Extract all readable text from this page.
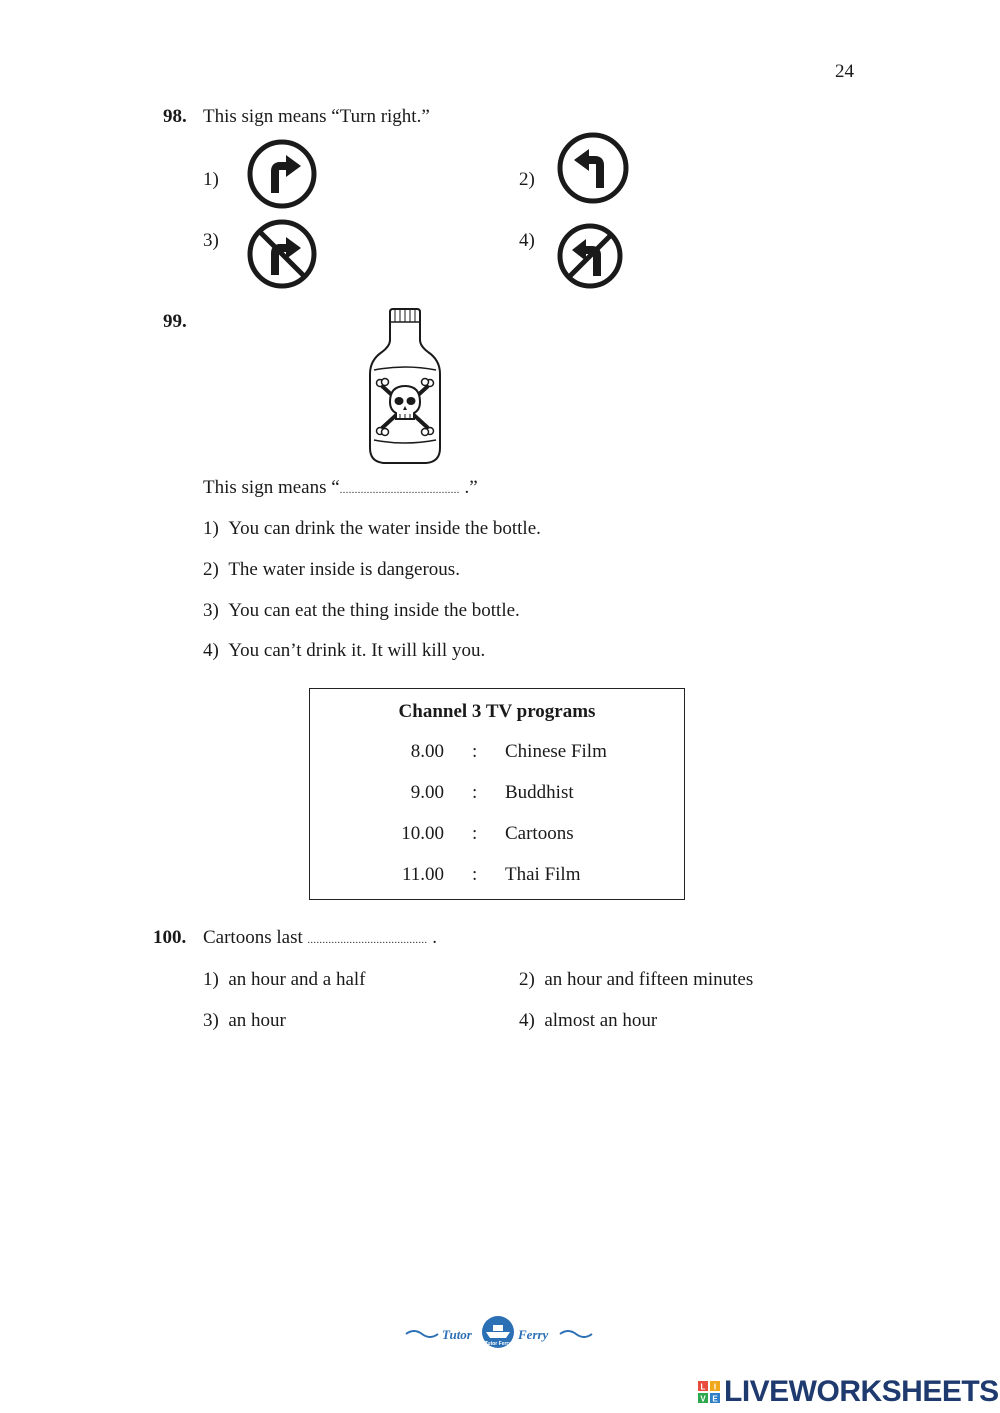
24
98. This sign means “Turn right.”
1)	2)
3)	4)
99.
This sign means “........................................ .”
1) You can drink the water inside the bottle.
2) The water inside is dangerous.
3) You can eat the thing inside the bottle.
4) You can’t drink it. It will kill you.
Channel 3 TV programs
8.00 : Chinese Film
9.00 : Buddhist
10.00 : Cartoons
11.00 : Thai Film
100. Cartoons last ........................................ .
1) an hour and a half	2) an hour and fifteen minutes
3) an hour	4) almost an hour
Tutor	Ferry
Tutor Ferry
L I
V E LIVEWORKSHEETS
